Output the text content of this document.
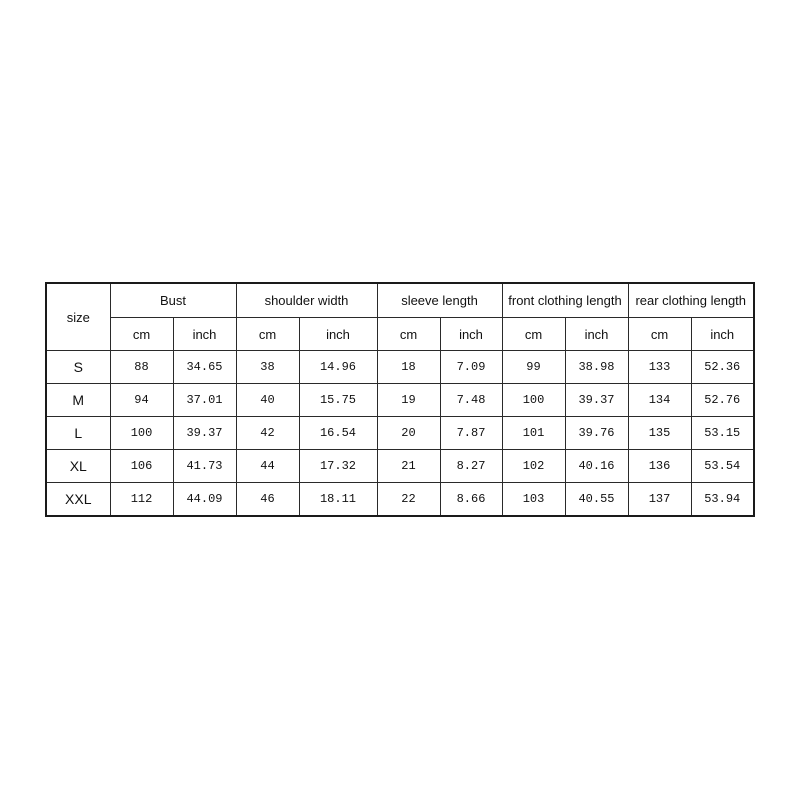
size	Bust		shoulder width		sleeve length		front clothing length		rear clothing length	
	cm	inch	cm	inch	cm	inch	cm	inch	cm	inch
S	88	34.65	38	14.96	18	7.09	99	38.98	133	52.36
M	94	37.01	40	15.75	19	7.48	100	39.37	134	52.76
L	100	39.37	42	16.54	20	7.87	101	39.76	135	53.15
XL	106	41.73	44	17.32	21	8.27	102	40.16	136	53.54
XXL	112	44.09	46	18.11	22	8.66	103	40.55	137	53.94
